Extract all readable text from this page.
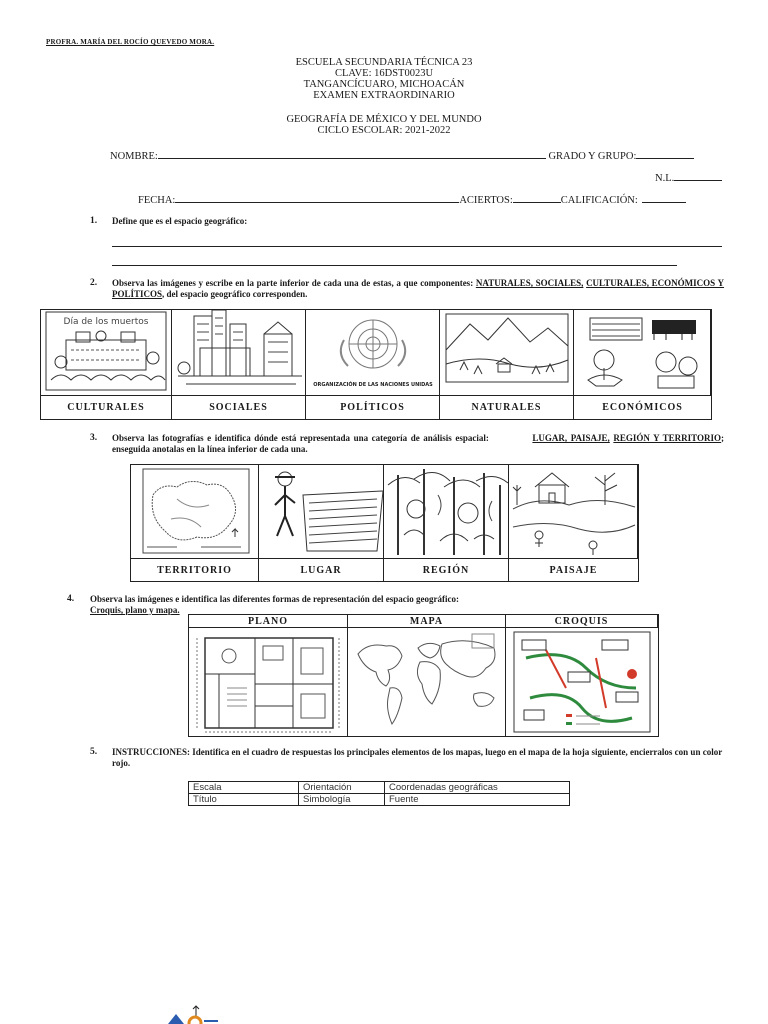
PROFRA. MARÍA DEL ROCÍO QUEVEDO MORA.
ESCUELA SECUNDARIA TÉCNICA 23
CLAVE: 16DST0023U
TANGANCÍCUARO, MICHOACÁN
EXAMEN EXTRAORDINARIO
GEOGRAFÍA DE MÉXICO Y DEL MUNDO
CICLO ESCOLAR: 2021-2022
NOMBRE:	GRADO Y GRUPO:
N.L.
FECHA:	ACIERTOS:	CALIFICACIÓN:
1. Define que es el espacio geográfico:
2. Observa las imágenes y escribe en la parte inferior de cada una de estas, a que componentes: NATURALES, SOCIALES, CULTURALES, ECONÓMICOS Y POLÍTICOS, del espacio geográfico corresponden.
Día de los muertos
ORGANIZACIÓN DE LAS NACIONES UNIDAS
CULTURALES	SOCIALES	POLÍTICOS	NATURALES	ECONÓMICOS
3. Observa las fotografías e identifica dónde está representada una categoría de análisis espacial:	LUGAR, PAISAJE, REGIÓN Y TERRITORIO; enseguida anotalas en la línea inferior de cada una.
TERRITORIO	LUGAR	REGIÓN	PAISAJE
4. Observa las imágenes e identifica las diferentes formas de representación del espacio geográfico:
Croquis, plano y mapa.
PLANO	MAPA	CROQUIS
5. INSTRUCCIONES: Identifica en el cuadro de respuestas los principales elementos de los mapas, luego en el mapa de la hoja siguiente, encierralos con un color rojo.
Escala	Orientación	Coordenadas geográficas
Título	Simbología	Fuente
